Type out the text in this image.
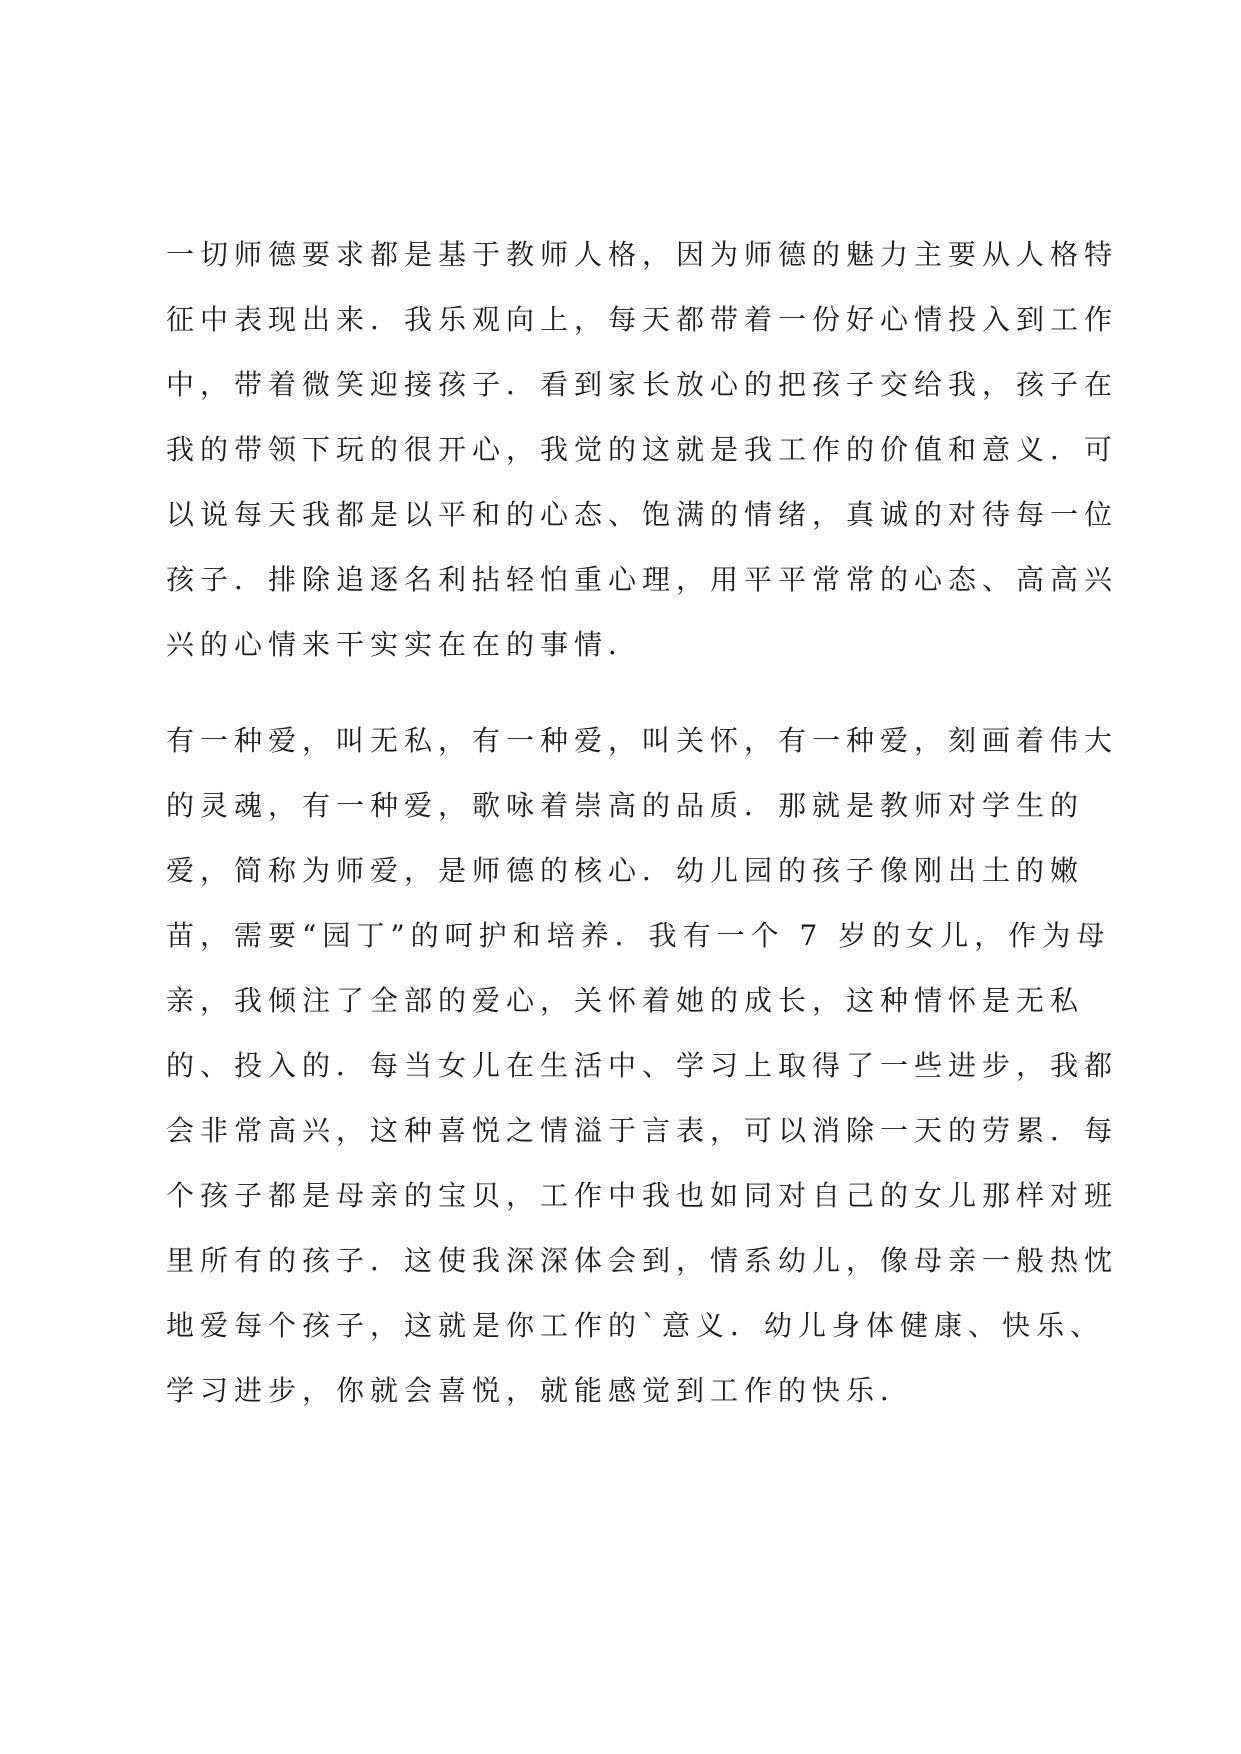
一切师德要求都是基于教师人格，因为师德的魅力主要从人格特
征中表现出来．我乐观向上，每天都带着一份好心情投入到工作
中，带着微笑迎接孩子．看到家长放心的把孩子交给我，孩子在
我的带领下玩的很开心，我觉的这就是我工作的价值和意义．可
以说每天我都是以平和的心态、饱满的情绪，真诚的对待每一位
孩子．排除追逐名利拈轻怕重心理，用平平常常的心态、高高兴
兴的心情来干实实在在的事情．
有一种爱，叫无私，有一种爱，叫关怀，有一种爱，刻画着伟大
的灵魂，有一种爱，歌咏着崇高的品质．那就是教师对学生的
爱，简称为师爱，是师德的核心．幼儿园的孩子像刚出土的嫩
苗，需要“园丁”的呵护和培养．我有一个 7 岁的女儿，作为母
亲，我倾注了全部的爱心，关怀着她的成长，这种情怀是无私
的、投入的．每当女儿在生活中、学习上取得了一些进步，我都
会非常高兴，这种喜悦之情溢于言表，可以消除一天的劳累．每
个孩子都是母亲的宝贝，工作中我也如同对自己的女儿那样对班
里所有的孩子．这使我深深体会到，情系幼儿，像母亲一般热忱
地爱每个孩子，这就是你工作的`意义．幼儿身体健康、快乐、
学习进步，你就会喜悦，就能感觉到工作的快乐．
